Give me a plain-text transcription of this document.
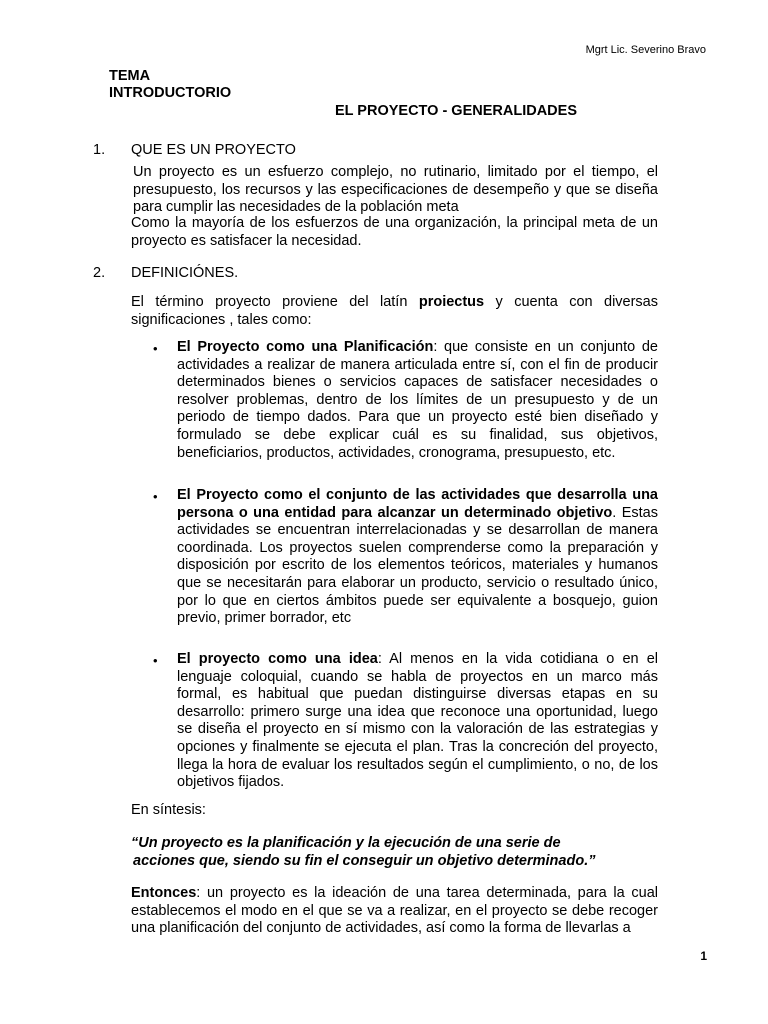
Mgrt Lic. Severino Bravo
TEMA
INTRODUCTORIO
EL PROYECTO - GENERALIDADES
1. QUE ES UN PROYECTO
Un proyecto es un esfuerzo complejo, no rutinario, limitado por el tiempo, el presupuesto, los recursos y las especificaciones de desempeño y que se diseña para cumplir las necesidades de la población meta
Como la mayoría de los esfuerzos de una organización, la principal meta de un proyecto es satisfacer la necesidad.
2. DEFINICIÓNES.
El término proyecto proviene del latín proiectus y cuenta con diversas significaciones , tales como:
• El Proyecto como una Planificación: que consiste en un conjunto de actividades a realizar de manera articulada entre sí, con el fin de producir determinados bienes o servicios capaces de satisfacer necesidades o resolver problemas, dentro de los límites de un presupuesto y de un periodo de tiempo dados. Para que un proyecto esté bien diseñado y formulado se debe explicar cuál es su finalidad, sus objetivos, beneficiarios, productos, actividades, cronograma, presupuesto, etc.
• El Proyecto como el conjunto de las actividades que desarrolla una persona o una entidad para alcanzar un determinado objetivo. Estas actividades se encuentran interrelacionadas y se desarrollan de manera coordinada. Los proyectos suelen comprenderse como la preparación y disposición por escrito de los elementos teóricos, materiales y humanos que se necesitarán para elaborar un producto, servicio o resultado único, por lo que en ciertos ámbitos puede ser equivalente a bosquejo, guion previo, primer borrador, etc
• El proyecto como una idea: Al menos en la vida cotidiana o en el lenguaje coloquial, cuando se habla de proyectos en un marco más formal, es habitual que puedan distinguirse diversas etapas en su desarrollo: primero surge una idea que reconoce una oportunidad, luego se diseña el proyecto en sí mismo con la valoración de las estrategias y opciones y finalmente se ejecuta el plan. Tras la concreción del proyecto, llega la hora de evaluar los resultados según el cumplimiento, o no, de los objetivos fijados.
En síntesis:
“Un proyecto es la planificación y la ejecución de una serie de
acciones que, siendo su fin el conseguir un objetivo determinado.”
Entonces: un proyecto es la ideación de una tarea determinada, para la cual establecemos el modo en el que se va a realizar, en el proyecto se debe recoger una planificación del conjunto de actividades, así como la forma de llevarlas a
1
